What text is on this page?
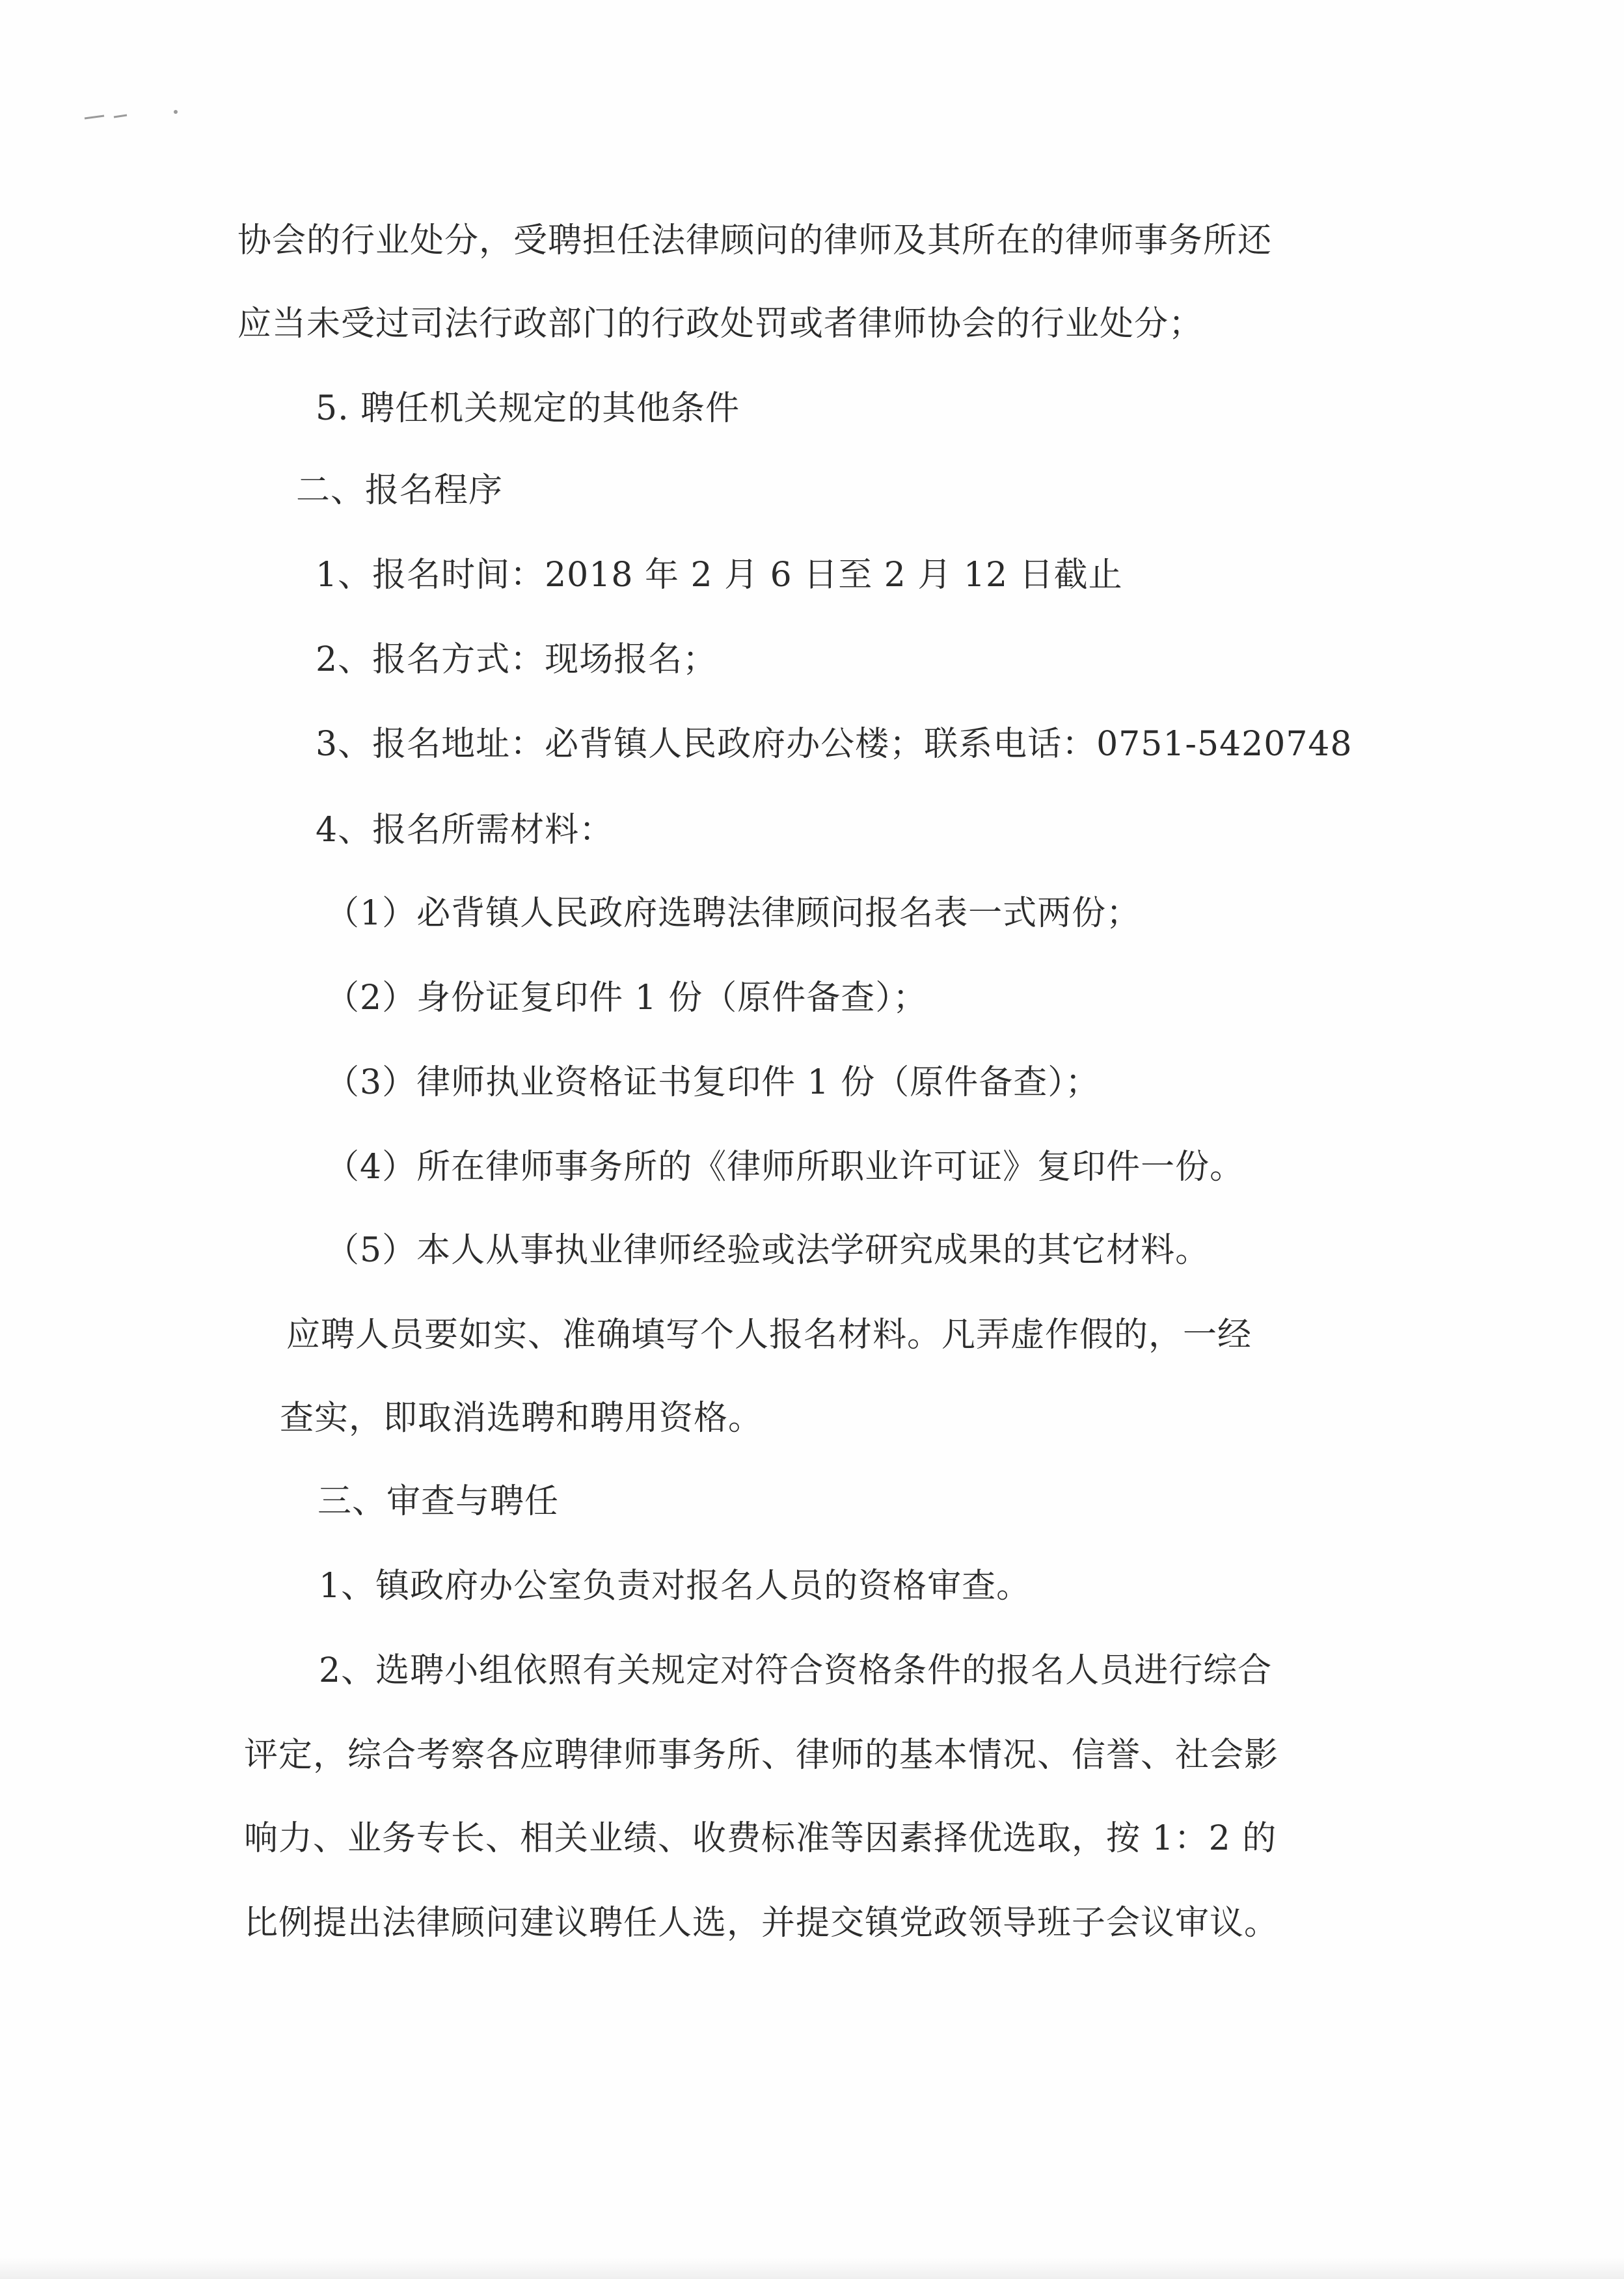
协会的行业处分，受聘担任法律顾问的律师及其所在的律师事务所还
应当未受过司法行政部门的行政处罚或者律师协会的行业处分；
5. 聘任机关规定的其他条件
二、报名程序
1、报名时间：2018 年 2 月 6 日至 2 月 12 日截止
2、报名方式：现场报名；
3、报名地址：必背镇人民政府办公楼；联系电话：0751-5420748
4、报名所需材料：
（1）必背镇人民政府选聘法律顾问报名表一式两份；
（2）身份证复印件 1 份（原件备查）；
（3）律师执业资格证书复印件 1 份（原件备查）；
（4）所在律师事务所的《律师所职业许可证》复印件一份。
（5）本人从事执业律师经验或法学研究成果的其它材料。
应聘人员要如实、准确填写个人报名材料。凡弄虚作假的，一经
查实，即取消选聘和聘用资格。
三、审查与聘任
1、镇政府办公室负责对报名人员的资格审查。
2、选聘小组依照有关规定对符合资格条件的报名人员进行综合
评定，综合考察各应聘律师事务所、律师的基本情况、信誉、社会影
响力、业务专长、相关业绩、收费标准等因素择优选取，按 1：2 的
比例提出法律顾问建议聘任人选，并提交镇党政领导班子会议审议。
